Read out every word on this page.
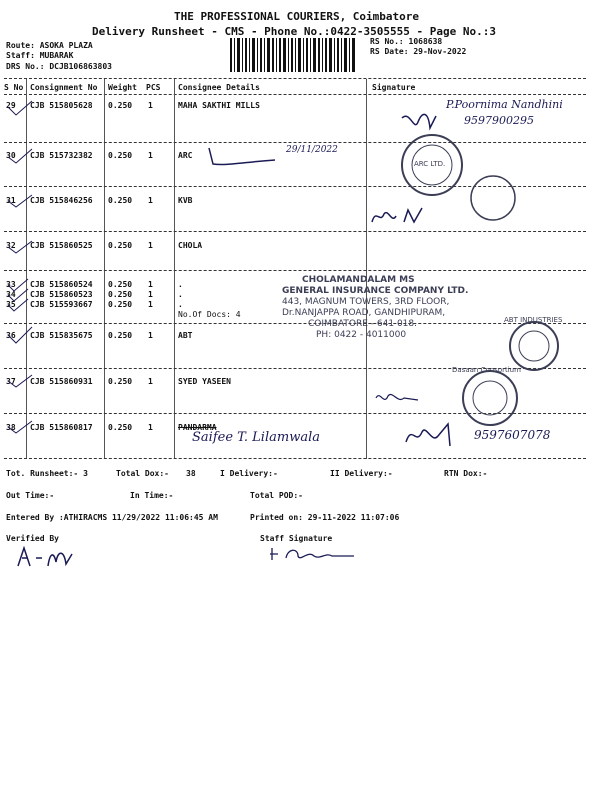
THE PROFESSIONAL COURIERS, Coimbatore
Delivery Runsheet - CMS - Phone No.:0422-3505555 - Page No.:3
Route: ASOKA PLAZA
Staff: MUBARAK
DRS No.: DCJB106863803
RS No.: 1068638
RS Date: 29-Nov-2022
S No Consignment No Weight PCS Consignee Details	Signature
29 CJB 515805628 0.250 1	MAHA SAKTHI MILLS
30 CJB 515732382 0.250 1	ARC
31 CJB 515846256 0.250 1	KVB
32 CJB 515860525 0.250 1	CHOLA
33 CJB 515860524 0.250 1	.
34 CJB 515860523 0.250 1	.
35 CJB 515593667 0.250 1	.
No.Of Docs: 4
36 CJB 515835675 0.250 1	ABT
37 CJB 515860931 0.250 1	SYED YASEEN
38 CJB 515860817 0.250 1	PANDARMA
P.Poornima Nandhini
9597900295
29/11/2022
Saifee T. Lilamwala	9597607078
ARC LTD.
CHOLAMANDALAM MS
GENERAL INSURANCE COMPANY LTD.
443, MAGNUM TOWERS, 3RD FLOOR,
Dr.NANJAPPA ROAD, GANDHIPURAM,
COIMBATORE - 641 018.
PH: 0422 - 4011000
ABT INDUSTRIES
Dasaan Consortium
Tot. Runsheet:- 3	Total Dox:- 38	I Delivery:-	II Delivery:-	RTN Dox:-
Out Time:-	In Time:-	Total POD:-
Entered By :ATHIRACMS 11/29/2022 11:06:45 AM	Printed on: 29-11-2022 11:07:06
Verified By	Staff Signature
